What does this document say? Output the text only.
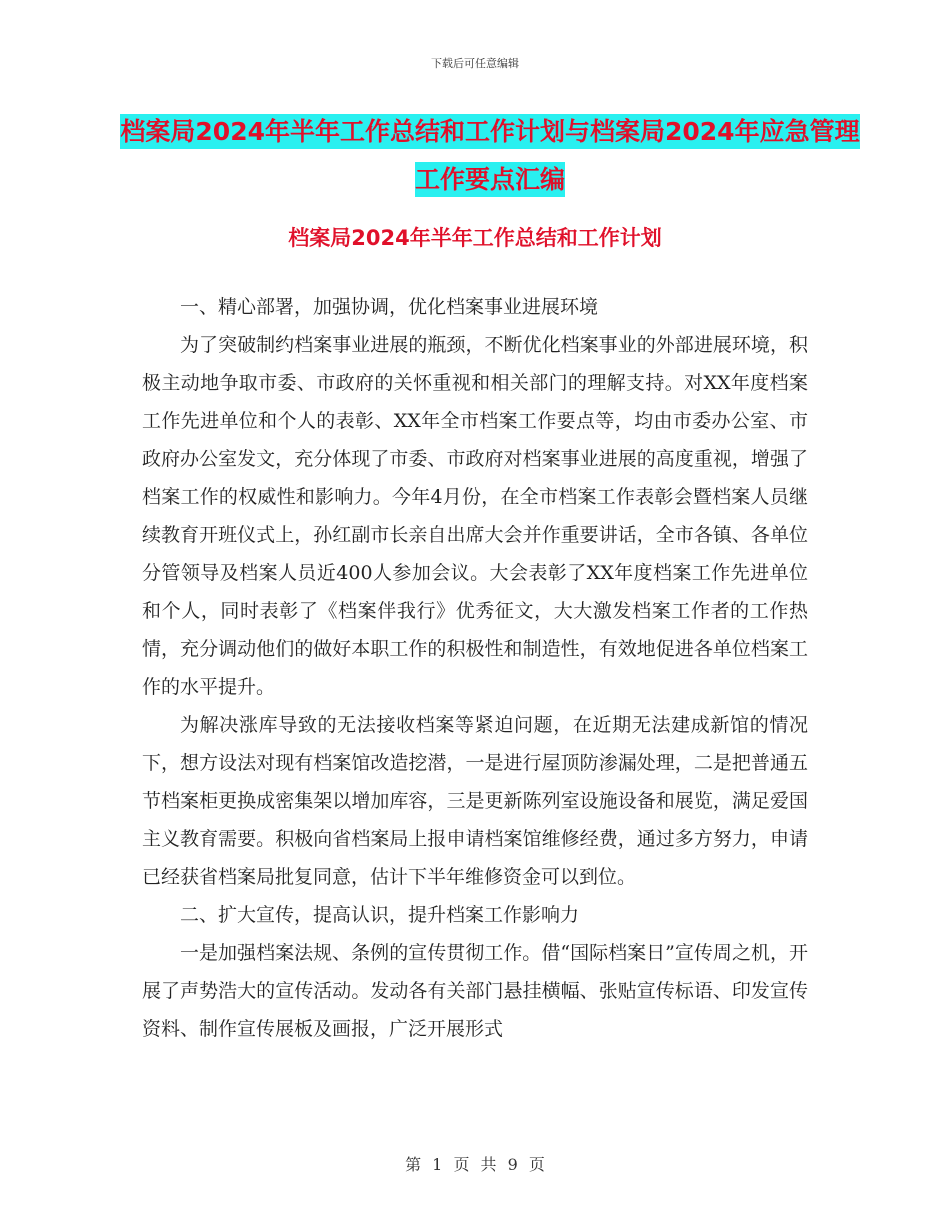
下载后可任意编辑
档案局2024年半年工作总结和工作计划与档案局2024年应急管理工作要点汇编
档案局2024年半年工作总结和工作计划

一、精心部署，加强协调，优化档案事业进展环境

为了突破制约档案事业进展的瓶颈，不断优化档案事业的外部进展环境，积极主动地争取市委、市政府的关怀重视和相关部门的理解支持。对XX年度档案工作先进单位和个人的表彰、XX年全市档案工作要点等，均由市委办公室、市政府办公室发文，充分体现了市委、市政府对档案事业进展的高度重视，增强了档案工作的权威性和影响力。今年4月份，在全市档案工作表彰会暨档案人员继续教育开班仪式上，孙红副市长亲自出席大会并作重要讲话，全市各镇、各单位分管领导及档案人员近400人参加会议。大会表彰了XX年度档案工作先进单位和个人，同时表彰了《档案伴我行》优秀征文，大大激发档案工作者的工作热情，充分调动他们的做好本职工作的积极性和制造性，有效地促进各单位档案工作的水平提升。

为解决涨库导致的无法接收档案等紧迫问题，在近期无法建成新馆的情况下，想方设法对现有档案馆改造挖潜，一是进行屋顶防渗漏处理，二是把普通五节档案柜更换成密集架以增加库容，三是更新陈列室设施设备和展览，满足爱国主义教育需要。积极向省档案局上报申请档案馆维修经费，通过多方努力，申请已经获省档案局批复同意，估计下半年维修资金可以到位。

二、扩大宣传，提高认识，提升档案工作影响力

一是加强档案法规、条例的宣传贯彻工作。借“国际档案日”宣传周之机，开展了声势浩大的宣传活动。发动各有关部门悬挂横幅、张贴宣传标语、印发宣传资料、制作宣传展板及画报，广泛开展形式

第 1 页 共 9 页
